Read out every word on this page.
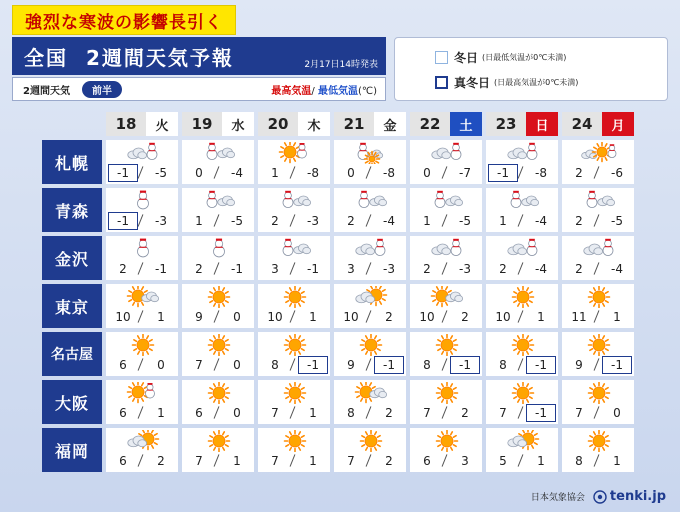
強烈な寒波の影響長引く
全国 2週間天気予報	2月17日14時発表
2週間天気	前半	最高気温/ 最低気温(℃)
冬日 (日最低気温が0℃未満)
真冬日 (日最高気温が0℃未満)
18	火	19	水	20	木	21	金	22	土	23	日	24	月
札幌
-1	-5	0	-4	1	-8	0	-8	0	-7	-1	-8	2	-6
青森
-1	-3	1	-5	2	-3	2	-4	1	-5	1	-4	2	-5
金沢
2	-1	2	-1	3	-1	3	-3	2	-3	2	-4	2	-4
東京
10	1	9	0	10	1	10	2	10	2	10	1	11	1
名古屋
6	0	7	0	8	-1	9	-1	8	-1	8	-1	9	-1
大阪
6	1	6	0	7	1	8	2	7	2	7	-1	7	0
福岡
6	2	7	1	7	1	7	2	6	3	5	1	8	1
日本気象協会 tenki.jp
